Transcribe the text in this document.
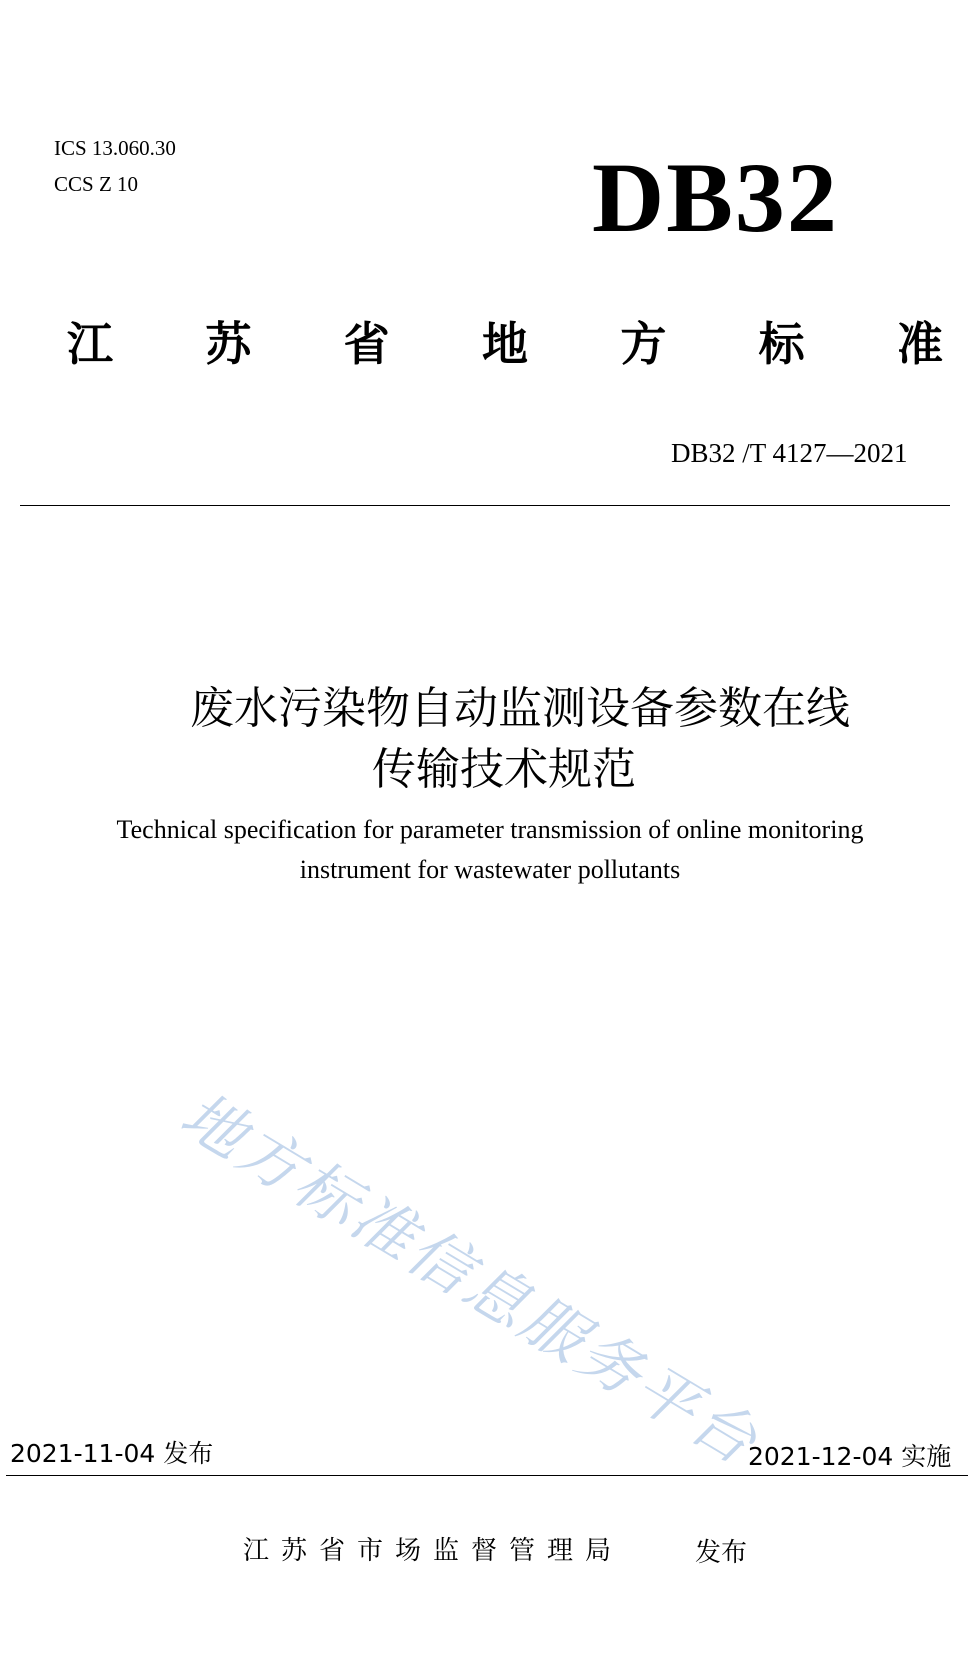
ICS 13.060.30
CCS Z 10	DB32
江 苏 省 地 方 标 准
DB32 /T 4127—2021
废水污染物自动监测设备参数在线
传输技术规范
Technical specification for parameter transmission of online monitoring
instrument for wastewater pollutants
地方标准信息服务平台
2021-11-04 发布	2021-12-04 实施
江苏省市场监督管理局	发布
